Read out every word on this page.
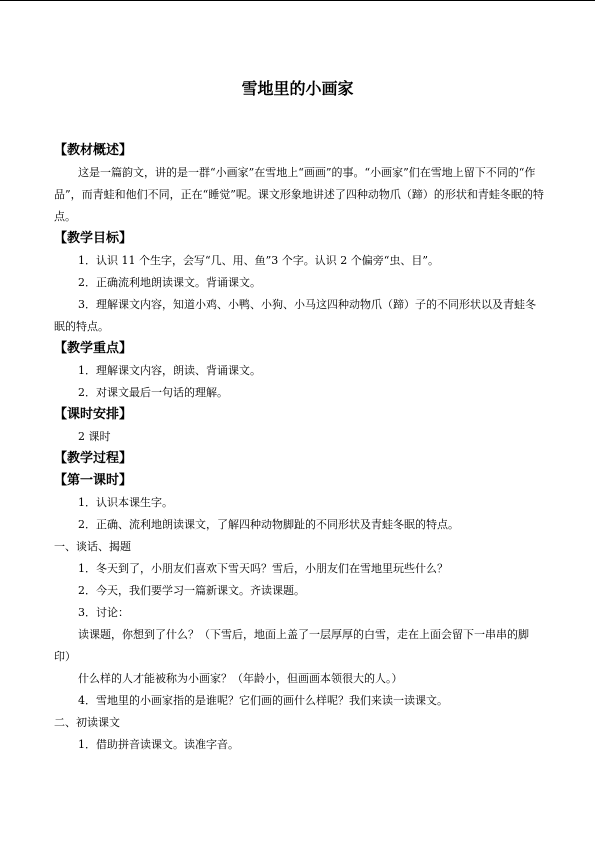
雪地里的小画家

【教材概述】

这是一篇韵文，讲的是一群“小画家”在雪地上“画画”的事。“小画家”们在雪地上留下不同的“作品”，而青蛙和他们不同，正在“睡觉”呢。课文形象地讲述了四种动物爪（蹄）的形状和青蛙冬眠的特点。

【教学目标】

1．认识 11 个生字，会写“几、用、鱼”3 个字。认识 2 个偏旁“虫、目”。

2．正确流利地朗读课文。背诵课文。

3．理解课文内容，知道小鸡、小鸭、小狗、小马这四种动物爪（蹄）子的不同形状以及青蛙冬眠的特点。

【教学重点】

1．理解课文内容，朗读、背诵课文。

2．对课文最后一句话的理解。

【课时安排】

2 课时

【教学过程】

【第一课时】

1．认识本课生字。

2．正确、流利地朗读课文，了解四种动物脚趾的不同形状及青蛙冬眠的特点。

一、谈话、揭题

1．冬天到了，小朋友们喜欢下雪天吗？雪后，小朋友们在雪地里玩些什么？

2．今天，我们要学习一篇新课文。齐读课题。

3．讨论：

读课题，你想到了什么？（下雪后，地面上盖了一层厚厚的白雪，走在上面会留下一串串的脚印）

什么样的人才能被称为小画家？（年龄小，但画画本领很大的人。）

4．雪地里的小画家指的是谁呢？它们画的画什么样呢？我们来读一读课文。

二、初读课文

1．借助拼音读课文。读准字音。
